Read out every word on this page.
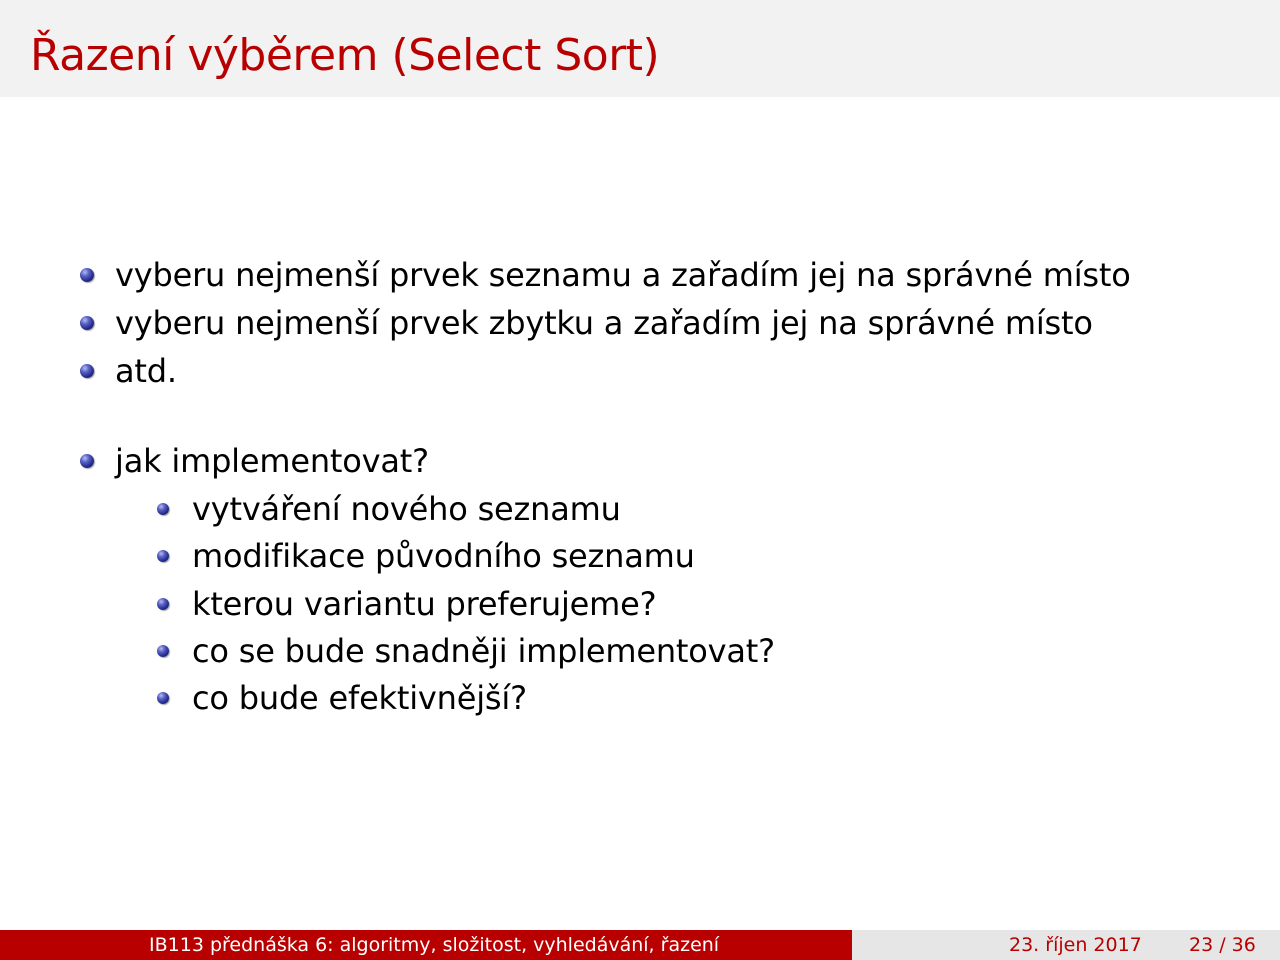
Řazení výběrem (Select Sort)
vyberu nejmenší prvek seznamu a zařadím jej na správné místo
vyberu nejmenší prvek zbytku a zařadím jej na správné místo
atd.
jak implementovat?
vytváření nového seznamu
modifikace původního seznamu
kterou variantu preferujeme?
co se bude snadněji implementovat?
co bude efektivnější?
IB113 přednáška 6: algoritmy, složitost, vyhledávání, řazení	23. říjen 2017 23 / 36
